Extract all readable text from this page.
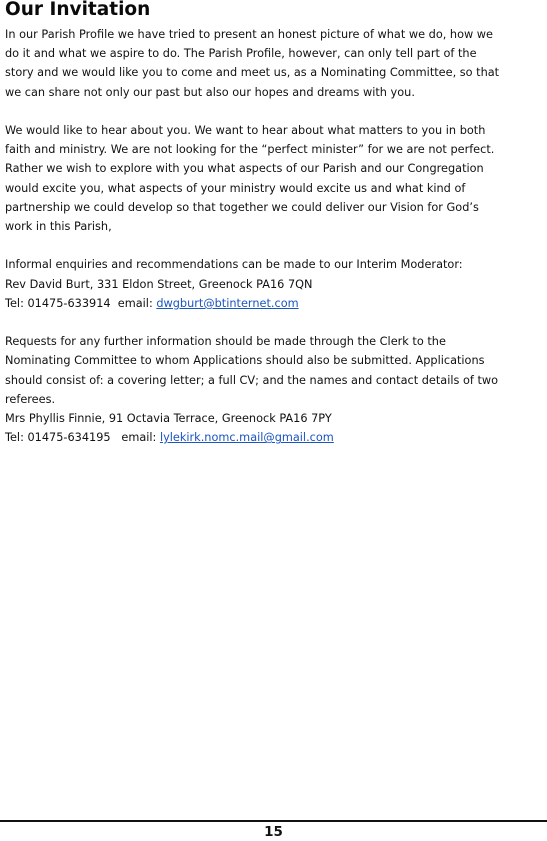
Our Invitation

In our Parish Profile we have tried to present an honest picture of what we do, how we
do it and what we aspire to do. The Parish Profile, however, can only tell part of the
story and we would like you to come and meet us, as a Nominating Committee, so that
we can share not only our past but also our hopes and dreams with you.

We would like to hear about you. We want to hear about what matters to you in both
faith and ministry. We are not looking for the “perfect minister” for we are not perfect.
Rather we wish to explore with you what aspects of our Parish and our Congregation
would excite you, what aspects of your ministry would excite us and what kind of
partnership we could develop so that together we could deliver our Vision for God’s
work in this Parish,

Informal enquiries and recommendations can be made to our Interim Moderator:
Rev David Burt, 331 Eldon Street, Greenock PA16 7QN
Tel: 01475-633914  email: dwgburt@btinternet.com

Requests for any further information should be made through the Clerk to the
Nominating Committee to whom Applications should also be submitted. Applications
should consist of: a covering letter; a full CV; and the names and contact details of two
referees.
Mrs Phyllis Finnie, 91 Octavia Terrace, Greenock PA16 7PY
Tel: 01475-634195   email: lylekirk.nomc.mail@gmail.com

15
